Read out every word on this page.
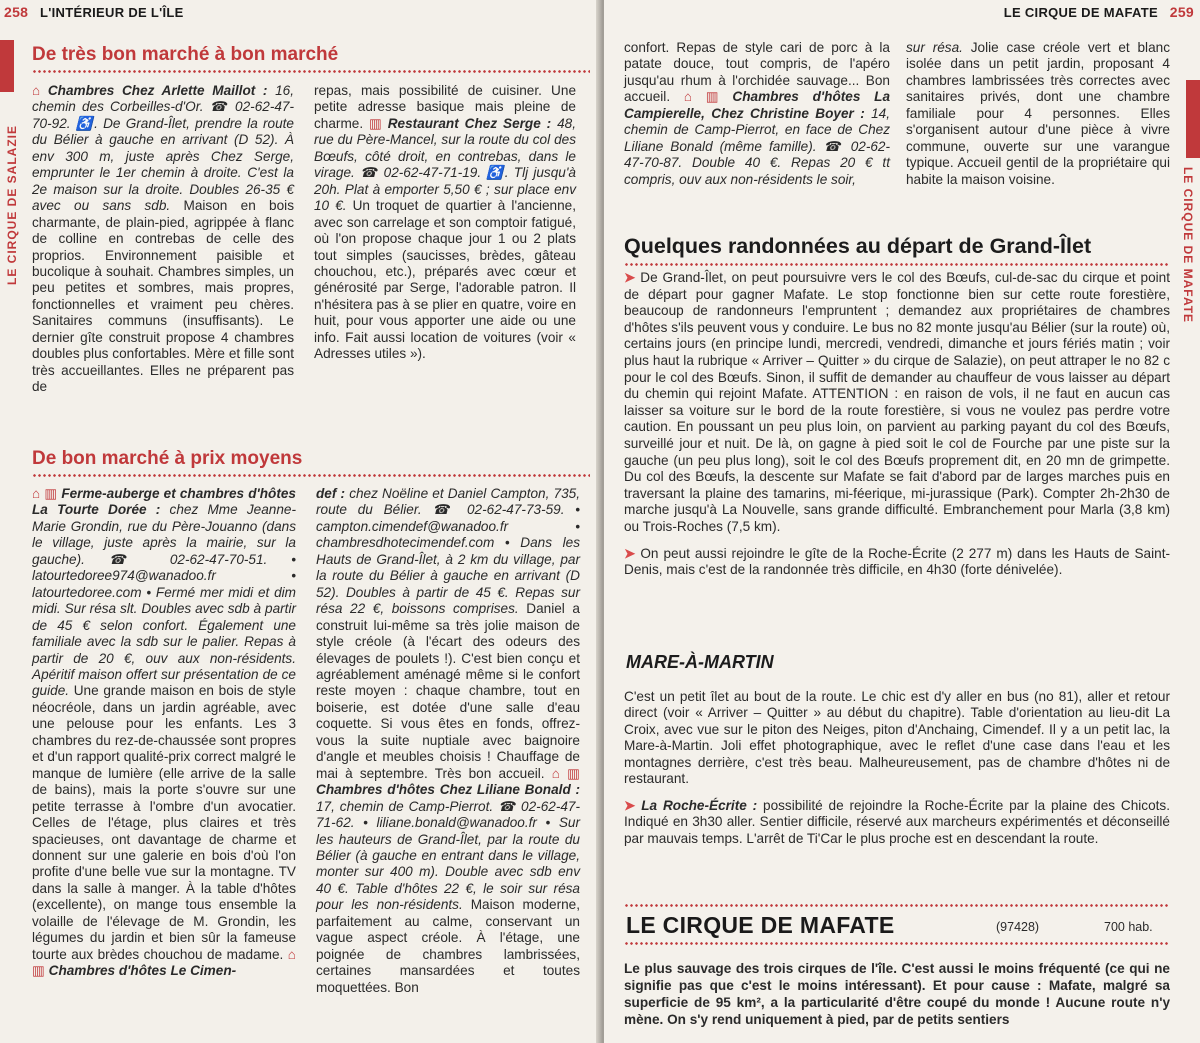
258 L'INTÉRIEUR DE L'ÎLE
LE CIRQUE DE SALAZIE
De très bon marché à bon marché

⌂ Chambres Chez Arlette Maillot : 16, chemin des Corbeilles-d'Or. ☎ 02-62-47-70-92. ♿. De Grand-Îlet, prendre la route du Bélier à gauche en arrivant (D 52). À env 300 m, juste après Chez Serge, emprunter le 1er chemin à droite. C'est la 2e maison sur la droite. Doubles 26-35 € avec ou sans sdb. Maison en bois charmante, de plain-pied, agrippée à flanc de colline en contrebas de celle des proprios. Environnement paisible et bucolique à souhait. Chambres simples, un peu petites et sombres, mais propres, fonctionnelles et vraiment peu chères. Sanitaires communs (insuffisants). Le dernier gîte construit propose 4 chambres doubles plus confortables. Mère et fille sont très accueillantes. Elles ne préparent pas de

repas, mais possibilité de cuisiner. Une petite adresse basique mais pleine de charme. ▥ Restaurant Chez Serge : 48, rue du Père-Mancel, sur la route du col des Bœufs, côté droit, en contrebas, dans le virage. ☎ 02-62-47-71-19. ♿. Tlj jusqu'à 20h. Plat à emporter 5,50 € ; sur place env 10 €. Un troquet de quartier à l'ancienne, avec son carrelage et son comptoir fatigué, où l'on propose chaque jour 1 ou 2 plats tout simples (saucisses, brèdes, gâteau chouchou, etc.), préparés avec cœur et générosité par Serge, l'adorable patron. Il n'hésitera pas à se plier en quatre, voire en huit, pour vous apporter une aide ou une info. Fait aussi location de voitures (voir « Adresses utiles »).

De bon marché à prix moyens

⌂ ▥ Ferme-auberge et chambres d'hôtes La Tourte Dorée : chez Mme Jeanne-Marie Grondin, rue du Père-Jouanno (dans le village, juste après la mairie, sur la gauche). ☎ 02-62-47-70-51. • latourtedoree974@wanadoo.fr • latourtedoree.com • Fermé mer midi et dim midi. Sur résa slt. Doubles avec sdb à partir de 45 € selon confort. Également une familiale avec la sdb sur le palier. Repas à partir de 20 €, ouv aux non-résidents. Apéritif maison offert sur présentation de ce guide. Une grande maison en bois de style néocréole, dans un jardin agréable, avec une pelouse pour les enfants. Les 3 chambres du rez-de-chaussée sont propres et d'un rapport qualité-prix correct malgré le manque de lumière (elle arrive de la salle de bains), mais la porte s'ouvre sur une petite terrasse à l'ombre d'un avocatier. Celles de l'étage, plus claires et très spacieuses, ont davantage de charme et donnent sur une galerie en bois d'où l'on profite d'une belle vue sur la montagne. TV dans la salle à manger. À la table d'hôtes (excellente), on mange tous ensemble la volaille de l'élevage de M. Grondin, les légumes du jardin et bien sûr la fameuse tourte aux brèdes chouchou de madame. ⌂ ▥ Chambres d'hôtes Le Cimen-

def : chez Noëline et Daniel Campton, 735, route du Bélier. ☎ 02-62-47-73-59. • campton.cimendef@wanadoo.fr • chambresdhotecimendef.com • Dans les Hauts de Grand-Îlet, à 2 km du village, par la route du Bélier à gauche en arrivant (D 52). Doubles à partir de 45 €. Repas sur résa 22 €, boissons comprises. Daniel a construit lui-même sa très jolie maison de style créole (à l'écart des odeurs des élevages de poulets !). C'est bien conçu et agréablement aménagé même si le confort reste moyen : chaque chambre, tout en boiserie, est dotée d'une salle d'eau coquette. Si vous êtes en fonds, offrez-vous la suite nuptiale avec baignoire d'angle et meubles choisis ! Chauffage de mai à septembre. Très bon accueil. ⌂ ▥ Chambres d'hôtes Chez Liliane Bonald : 17, chemin de Camp-Pierrot. ☎ 02-62-47-71-62. • liliane.bonald@wanadoo.fr • Sur les hauteurs de Grand-Îlet, par la route du Bélier (à gauche en entrant dans le village, monter sur 400 m). Double avec sdb env 40 €. Table d'hôtes 22 €, le soir sur résa pour les non-résidents. Maison moderne, parfaitement au calme, conservant un vague aspect créole. À l'étage, une poignée de chambres lambrissées, certaines mansardées et toutes moquettées. Bon

LE CIRQUE DE MAFATE 259
LE CIRQUE DE MAFATE

confort. Repas de style cari de porc à la patate douce, tout compris, de l'apéro jusqu'au rhum à l'orchidée sauvage... Bon accueil. ⌂ ▥ Chambres d'hôtes La Campierelle, Chez Christine Boyer : 14, chemin de Camp-Pierrot, en face de Chez Liliane Bonald (même famille). ☎ 02-62-47-70-87. Double 40 €. Repas 20 € tt compris, ouv aux non-résidents le soir,

sur résa. Jolie case créole vert et blanc isolée dans un petit jardin, proposant 4 chambres lambrissées très correctes avec sanitaires privés, dont une chambre familiale pour 4 personnes. Elles s'organisent autour d'une pièce à vivre commune, ouverte sur une varangue typique. Accueil gentil de la propriétaire qui habite la maison voisine.

Quelques randonnées au départ de Grand-Îlet

➤ De Grand-Îlet, on peut poursuivre vers le col des Bœufs, cul-de-sac du cirque et point de départ pour gagner Mafate. Le stop fonctionne bien sur cette route forestière, beaucoup de randonneurs l'empruntent ; demandez aux propriétaires de chambres d'hôtes s'ils peuvent vous y conduire. Le bus no 82 monte jusqu'au Bélier (sur la route) où, certains jours (en principe lundi, mercredi, vendredi, dimanche et jours fériés matin ; voir plus haut la rubrique « Arriver – Quitter » du cirque de Salazie), on peut attraper le no 82 c pour le col des Bœufs. Sinon, il suffit de demander au chauffeur de vous laisser au départ du chemin qui rejoint Mafate. ATTENTION : en raison de vols, il ne faut en aucun cas laisser sa voiture sur le bord de la route forestière, si vous ne voulez pas perdre votre caution. En poussant un peu plus loin, on parvient au parking payant du col des Bœufs, surveillé jour et nuit. De là, on gagne à pied soit le col de Fourche par une piste sur la gauche (un peu plus long), soit le col des Bœufs proprement dit, en 20 mn de grimpette. Du col des Bœufs, la descente sur Mafate se fait d'abord par de larges marches puis en traversant la plaine des tamarins, mi-féerique, mi-jurassique (Park). Compter 2h-2h30 de marche jusqu'à La Nouvelle, sans grande difficulté. Embranchement pour Marla (3,8 km) ou Trois-Roches (7,5 km).

➤ On peut aussi rejoindre le gîte de la Roche-Écrite (2 277 m) dans les Hauts de Saint-Denis, mais c'est de la randonnée très difficile, en 4h30 (forte dénivelée).

MARE-À-MARTIN

C'est un petit îlet au bout de la route. Le chic est d'y aller en bus (no 81), aller et retour direct (voir « Arriver – Quitter » au début du chapitre). Table d'orientation au lieu-dit La Croix, avec vue sur le piton des Neiges, piton d'Anchaing, Cimendef. Il y a un petit lac, la Mare-à-Martin. Joli effet photographique, avec le reflet d'une case dans l'eau et les montagnes derrière, c'est très beau. Malheureusement, pas de chambre d'hôtes ni de restaurant.

➤ La Roche-Écrite : possibilité de rejoindre la Roche-Écrite par la plaine des Chicots. Indiqué en 3h30 aller. Sentier difficile, réservé aux marcheurs expérimentés et déconseillé par mauvais temps. L'arrêt de Ti'Car le plus proche est en descendant la route.

LE CIRQUE DE MAFATE	(97428)	700 hab.
Le plus sauvage des trois cirques de l'île. C'est aussi le moins fréquenté (ce qui ne signifie pas que c'est le moins intéressant). Et pour cause : Mafate, malgré sa superficie de 95 km², a la particularité d'être coupé du monde ! Aucune route n'y mène. On s'y rend uniquement à pied, par de petits sentiers
